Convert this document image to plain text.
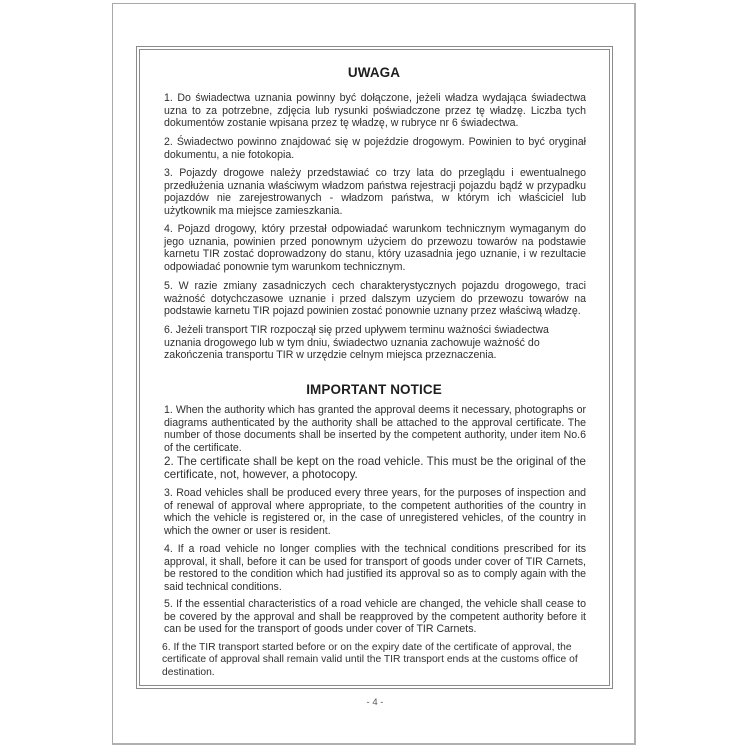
UWAGA
1. Do świadectwa uznania powinny być dołączone, jeżeli władza wydająca świadectwa uzna to za potrzebne, zdjęcia lub rysunki poświadczone przez tę władzę. Liczba tych dokumentów zostanie wpisana przez tę władzę, w rubryce nr 6 świadectwa.
2. Świadectwo powinno znajdować się w pojeździe drogowym. Powinien to być oryginał dokumentu, a nie fotokopia.
3. Pojazdy drogowe należy przedstawiać co trzy lata do przeglądu i ewentualnego przedłużenia uznania właściwym władzom państwa rejestracji pojazdu bądź w przypadku pojazdów nie zarejestrowanych - władzom państwa, w którym ich właściciel lub użytkownik ma miejsce zamieszkania.
4. Pojazd drogowy, który przestał odpowiadać warunkom technicznym wymaganym do jego uznania, powinien przed ponownym użyciem do przewozu towarów na podstawie karnetu TIR zostać doprowadzony do stanu, który uzasadnia jego uznanie, i w rezultacie odpowiadać ponownie tym warunkom technicznym.
5. W razie zmiany zasadniczych cech charakterystycznych pojazdu drogowego, traci ważność dotychczasowe uznanie i przed dalszym uzyciem do przewozu towarów na podstawie karnetu TIR pojazd powinien zostać ponownie uznany przez właściwą władzę.
6. Jeżeli transport TIR rozpoczął się przed upływem terminu ważności świadectwa uznania drogowego lub w tym dniu, świadectwo uznania zachowuje ważność do zakończenia transportu TIR w urzędzie celnym miejsca przeznaczenia.
IMPORTANT NOTICE
1. When the authority which has granted the approval deems it necessary, photographs or diagrams authenticated by the authority shall be attached to the approval certificate. The number of those documents shall be inserted by the competent authority, under item No.6 of the certificate.
2. The certificate shall be kept on the road vehicle. This must be the original of the certificate, not, however, a photocopy.
3. Road vehicles shall be produced every three years, for the purposes of inspection and of renewal of approval where appropriate, to the competent authorities of the country in which the vehicle is registered or, in the case of unregistered vehicles, of the country in which the owner or user is resident.
4. If a road vehicle no longer complies with the technical conditions prescribed for its approval, it shall, before it can be used for transport of goods under cover of TIR Carnets, be restored to the condition which had justified its approval so as to comply again with the said technical conditions.
5. If the essential characteristics of a road vehicle are changed, the vehicle shall cease to be covered by the approval and shall be reapproved by the competent authority before it can be used for the transport of goods under cover of TIR Carnets.
6. If the TIR transport started before or on the expiry date of the certificate of approval, the certificate of approval shall remain valid until the TIR transport ends at the customs office of destination.
- 4 -
